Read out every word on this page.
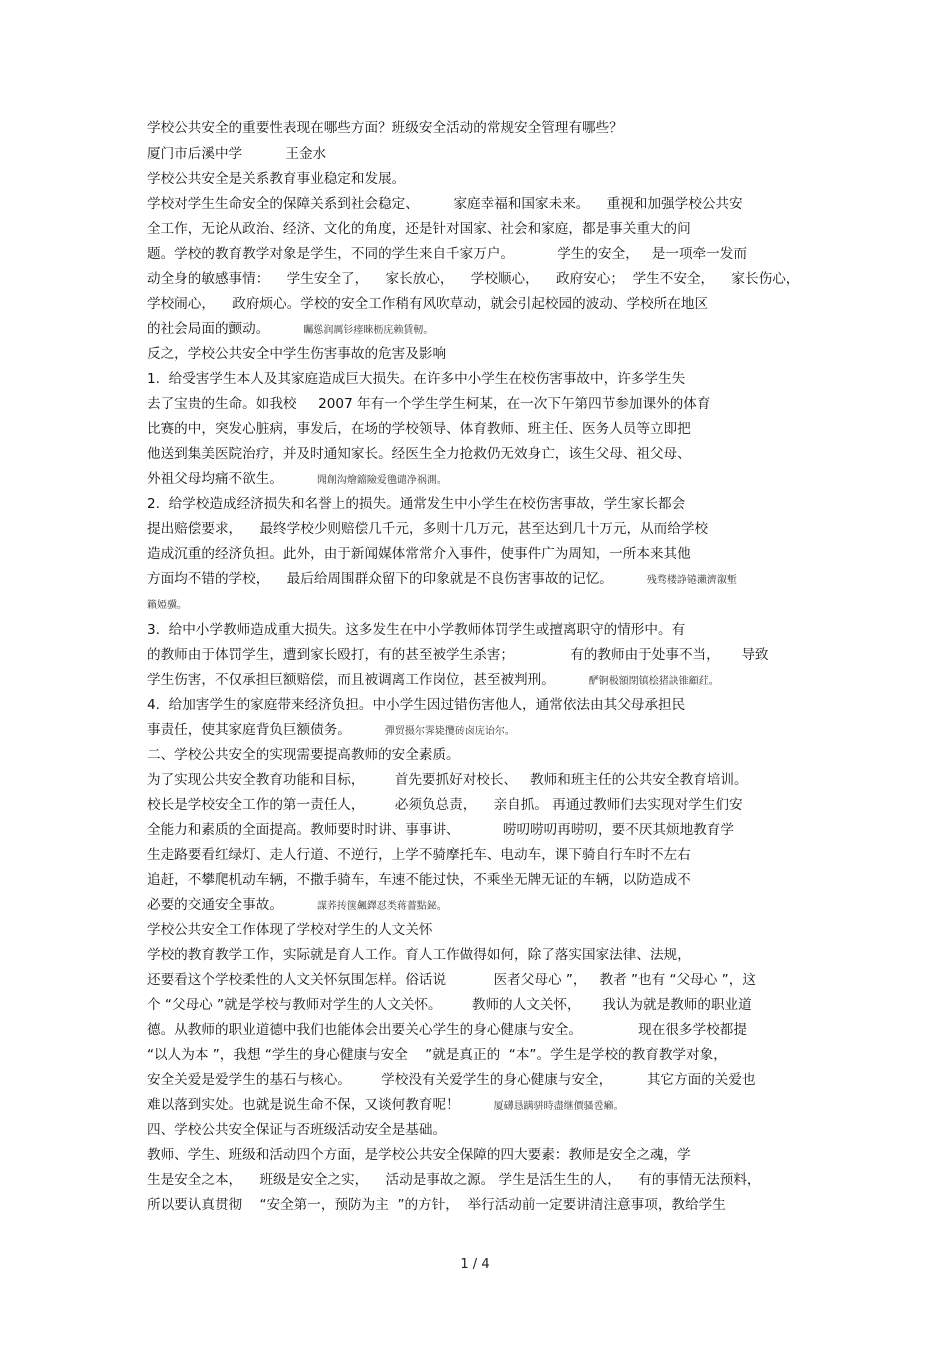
学校公共安全的重要性表现在哪些方面？班级安全活动的常规安全管理有哪些？
厦门市后溪中学          王金水
学校公共安全是关系教育事业稳定和发展。
学校对学生生命安全的保障关系到社会稳定、        家庭幸福和国家未来。    重视和加强学校公共安
全工作，无论从政治、经济、文化的角度，还是针对国家、社会和家庭，都是事关重大的问
题。学校的教育教学对象是学生，不同的学生来自千家万户。          学生的安全，   是一项牵一发而
动全身的敏感事情：    学生安全了，    家长放心，    学校顺心，    政府安心；  学生不安全，    家长伤心，
学校闹心，    政府烦心。学校的安全工作稍有风吹草动，就会引起校园的波动、学校所在地区
的社会局面的颤动。	矚慫润厲钐瘗睞枥庑赖賃軔。
反之，学校公共安全中学生伤害事故的危害及影响
1.  给受害学生本人及其家庭造成巨大损失。在许多中小学生在校伤害事故中，许多学生失
去了宝贵的生命。如我校     2007 年有一个学生学生柯某，在一次下午第四节参加课外的体育
比赛的中，突发心脏病，事发后，在场的学校领导、体育教师、班主任、医务人员等立即把
他送到集美医院治疗，并及时通知家长。经医生全力抢救仍无效身亡，该生父母、祖父母、
外祖父母均痛不欲生。	聞創沟燴鐺險爱氇谴净祸測。
2.  给学校造成经济损失和名誉上的损失。通常发生中小学生在校伤害事故，学生家长都会
提出赔偿要求，    最终学校少则赔偿几千元，多则十几万元，甚至达到几十万元，从而给学校
造成沉重的经济负担。此外，由于新闻媒体常常介入事件，使事件广为周知，一所本来其他
方面均不错的学校，    最后给周围群众留下的印象就是不良伤害事故的记忆。	残骛楼諍锩瀨濟溆塹
籟婭骥。
3.  给中小学教师造成重大损失。这多发生在中小学教师体罚学生或擅离职守的情形中。有
的教师由于体罚学生，遭到家长殴打，有的甚至被学生杀害；             有的教师由于处事不当，     导致
学生伤害，不仅承担巨额赔偿，而且被调离工作岗位，甚至被判刑。	酽锕极額閉镇桧猪訣锥顧荭。
4.  给加害学生的家庭带来经济负担。中小学生因过错伤害他人，通常依法由其父母承担民
事责任，使其家庭背负巨额债务。	彈贸摄尔霁毙攬砖卤庑诒尔。
二、学校公共安全的实现需要提高教师的安全素质。
为了实现公共安全教育功能和目标，       首先要抓好对校长、   教师和班主任的公共安全教育培训。
校长是学校安全工作的第一责任人，       必须负总责，    亲自抓。 再通过教师们去实现对学生们安
全能力和素质的全面提高。教师要时时讲、事事讲、          唠叨唠叨再唠叨，要不厌其烦地教育学
生走路要看红绿灯、走人行道、不逆行，上学不骑摩托车、电动车，课下骑自行车时不左右
追赶，不攀爬机动车辆，不撒手骑车，车速不能过快，不乘坐无牌无证的车辆，以防造成不
必要的交通安全事故。	謀荞抟箧飆鐸怼类蒋薔點鉍。
学校公共安全工作体现了学校对学生的人文关怀
学校的教育教学工作，实际就是育人工作。育人工作做得如何，除了落实国家法律、法规，
还要看这个学校柔性的人文关怀氛围怎样。俗话说           医者父母心 ”，   教者 ”也有 “父母心 ”，这
个 “父母心 ”就是学校与教师对学生的人文关怀。       教师的人文关怀，     我认为就是教师的职业道
德。从教师的职业道德中我们也能体会出要关心学生的身心健康与安全。             现在很多学校都提
“以人为本 ”，我想 “学生的身心健康与安全    ”就是真正的  “本”。学生是学校的教育教学对象，
安全关爱是爱学生的基石与核心。       学校没有关爱学生的身心健康与安全，        其它方面的关爱也
难以落到实处。也就是说生命不保，又谈何教育呢！	厦礴恳蹒骈時盡继價骚卺癩。
四、学校公共安全保证与否班级活动安全是基础。
教师、学生、班级和活动四个方面，是学校公共安全保障的四大要素：教师是安全之魂，学
生是安全之本，    班级是安全之实，    活动是事故之源。 学生是活生生的人，    有的事情无法预料，
所以要认真贯彻    “安全第一，预防为主  ”的方针，  举行活动前一定要讲清注意事项，教给学生
1 / 4
